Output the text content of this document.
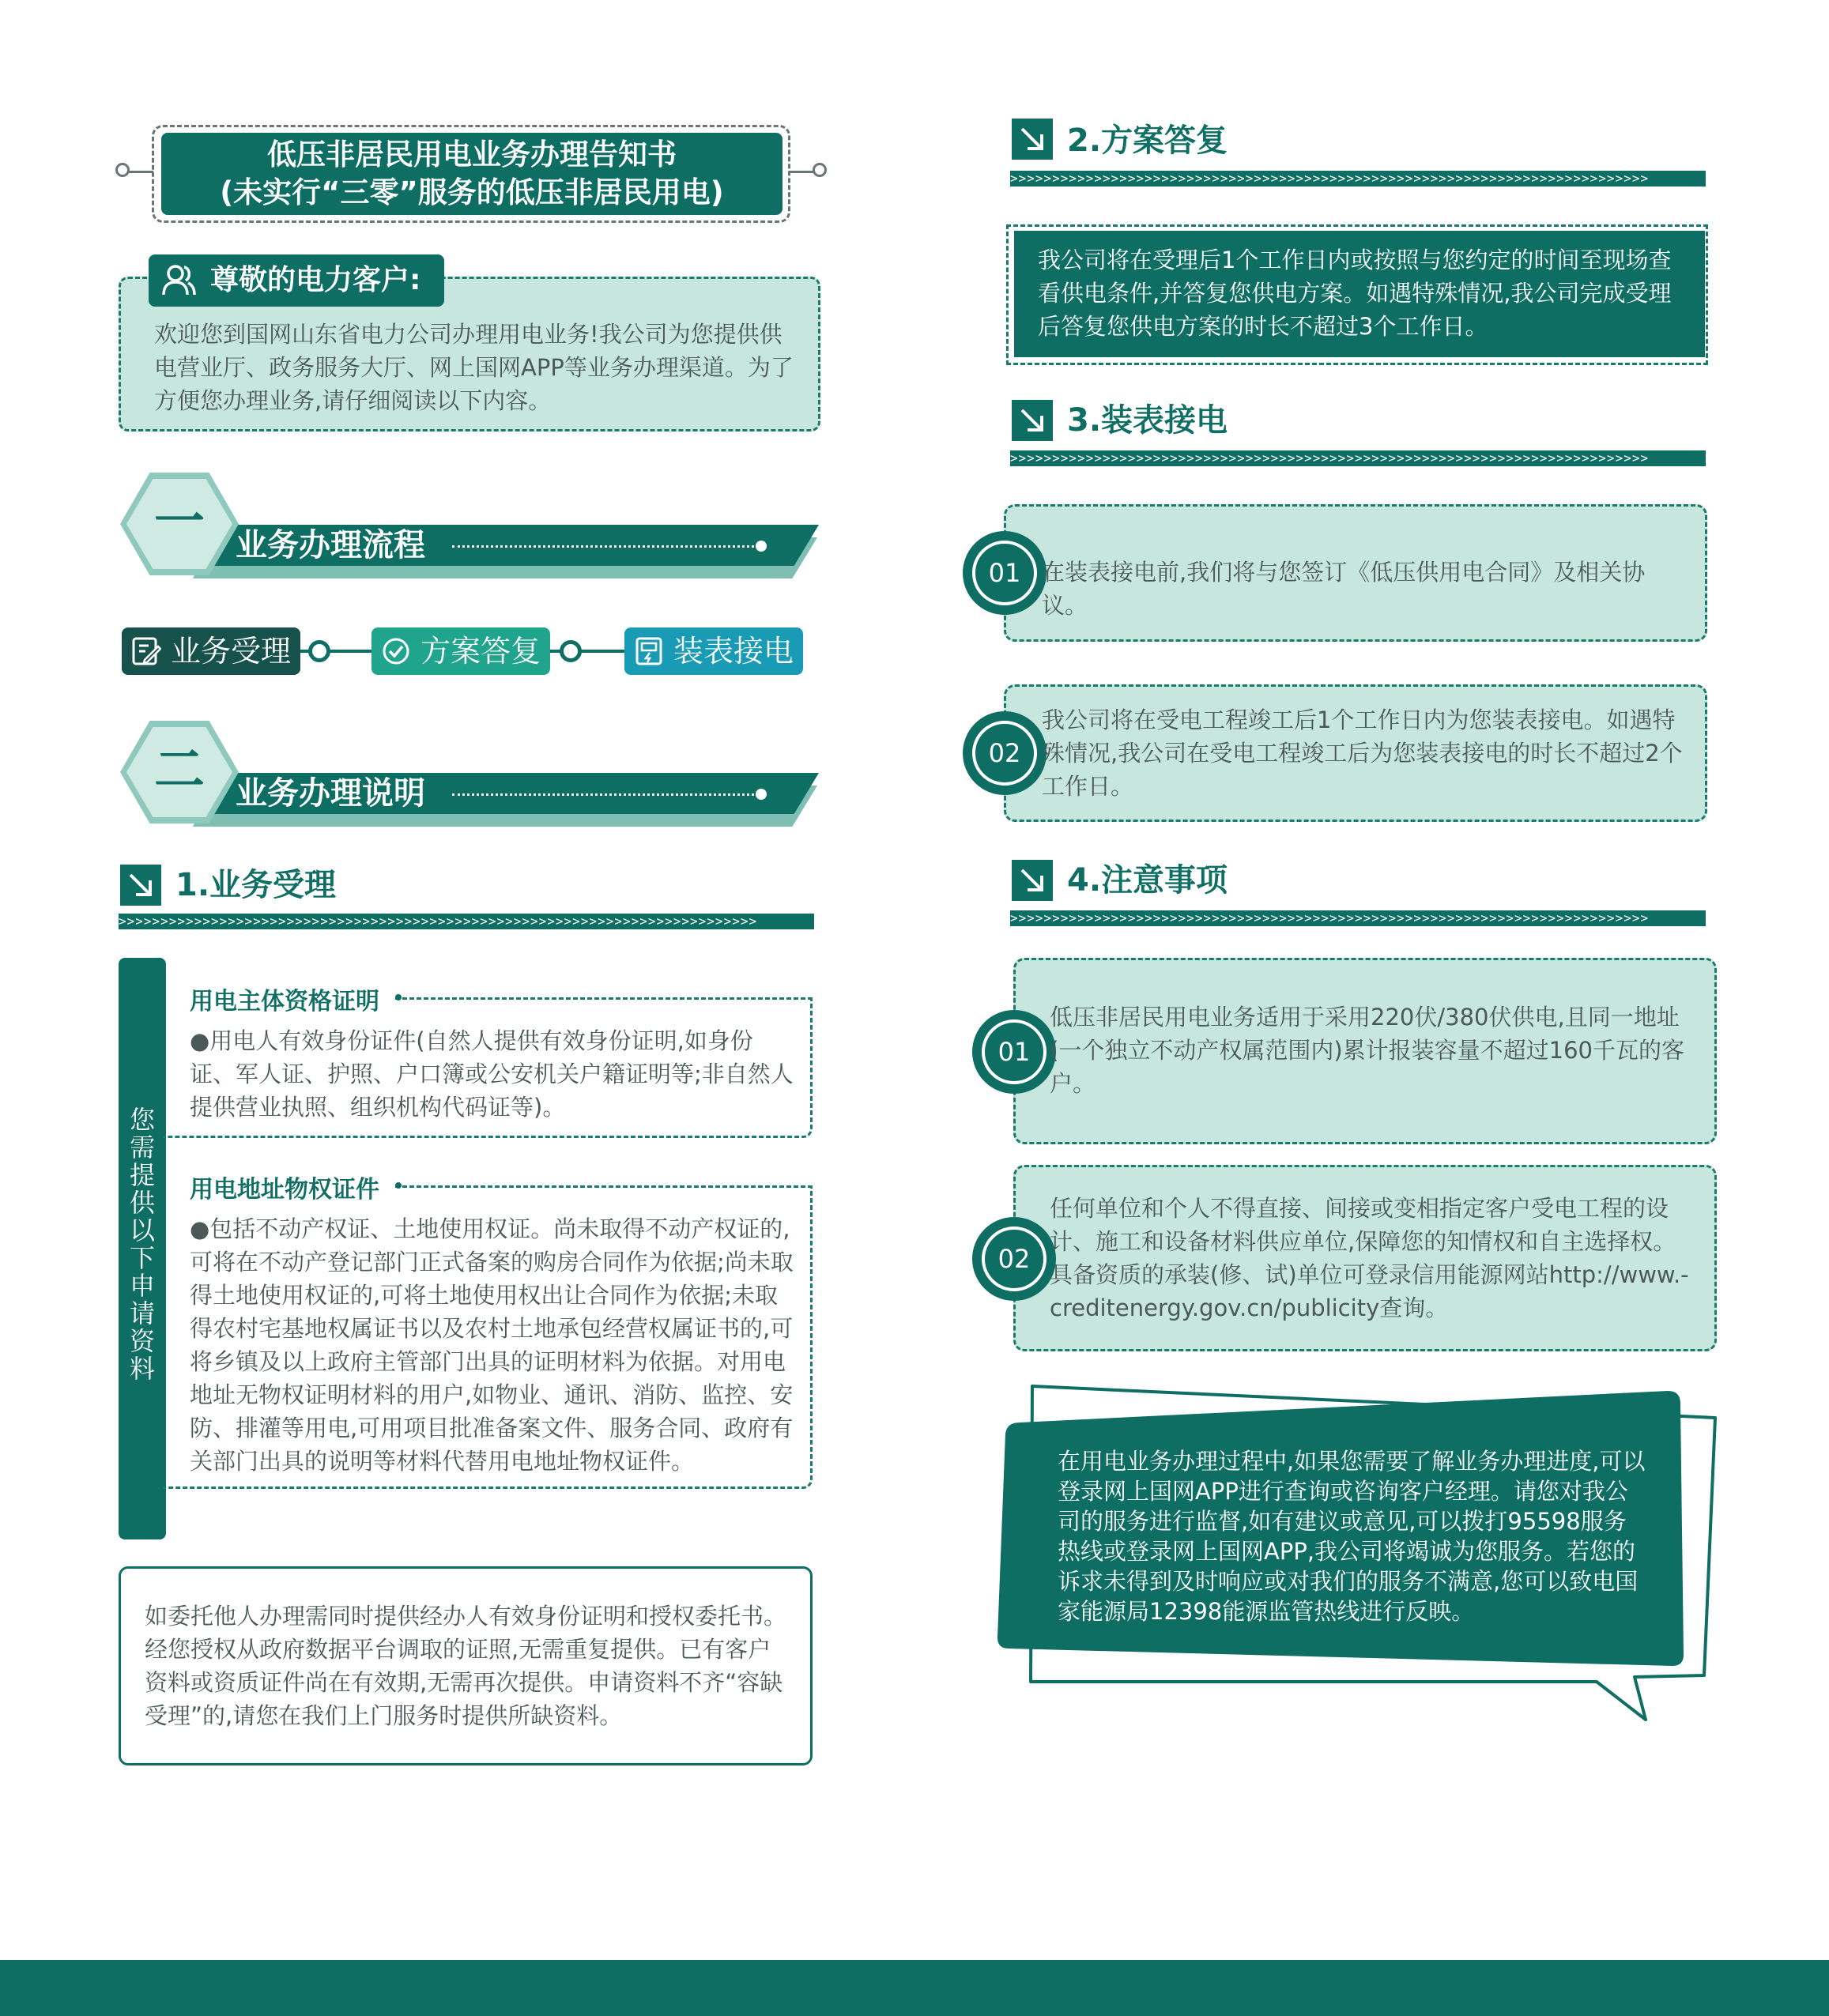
低压非居民用电业务办理告知书
(未实行“三零”服务的低压非居民用电)
尊敬的电力客户:
欢迎您到国网山东省电力公司办理用电业务!我公司为您提供供电营业厅、政务服务大厅、网上国网APP等业务办理渠道。为了方便您办理业务,请仔细阅读以下内容。
业务办理流程
一
业务受理	方案答复	装表接电
业务办理说明
二
1.业务受理
>>>>>>>>>>>>>>>>>>>>>>>>>>>>>>>>>>>>>>>>>>>>>>>>>>>>>>>>>>>>>>>>>>>>>>>>>>>>
您需提供以下申请资料
用电主体资格证明
●用电人有效身份证件(自然人提供有效身份证明,如身份证、军人证、护照、户口簿或公安机关户籍证明等;非自然人提供营业执照、组织机构代码证等)。
用电地址物权证件
●包括不动产权证、土地使用权证。尚未取得不动产权证的,可将在不动产登记部门正式备案的购房合同作为依据;尚未取得土地使用权证的,可将土地使用权出让合同作为依据;未取得农村宅基地权属证书以及农村土地承包经营权属证书的,可将乡镇及以上政府主管部门出具的证明材料为依据。对用电地址无物权证明材料的用户,如物业、通讯、消防、监控、安防、排灌等用电,可用项目批准备案文件、服务合同、政府有关部门出具的说明等材料代替用电地址物权证件。
如委托他人办理需同时提供经办人有效身份证明和授权委托书。经您授权从政府数据平台调取的证照,无需重复提供。已有客户资料或资质证件尚在有效期,无需再次提供。申请资料不齐“容缺受理”的,请您在我们上门服务时提供所缺资料。
2.方案答复
>>>>>>>>>>>>>>>>>>>>>>>>>>>>>>>>>>>>>>>>>>>>>>>>>>>>>>>>>>>>>>>>>>>>>>>>>>>>
我公司将在受理后1个工作日内或按照与您约定的时间至现场查看供电条件,并答复您供电方案。如遇特殊情况,我公司完成受理后答复您供电方案的时长不超过3个工作日。
3.装表接电
>>>>>>>>>>>>>>>>>>>>>>>>>>>>>>>>>>>>>>>>>>>>>>>>>>>>>>>>>>>>>>>>>>>>>>>>>>>>
01 在装表接电前,我们将与您签订《低压供用电合同》及相关协议。
02
我公司将在受电工程竣工后1个工作日内为您装表接电。如遇特殊情况,我公司在受电工程竣工后为您装表接电的时长不超过2个工作日。
4.注意事项
>>>>>>>>>>>>>>>>>>>>>>>>>>>>>>>>>>>>>>>>>>>>>>>>>>>>>>>>>>>>>>>>>>>>>>>>>>>>
01
低压非居民用电业务适用于采用220伏/380伏供电,且同一地址(一个独立不动产权属范围内)累计报装容量不超过160千瓦的客户。
02
任何单位和个人不得直接、间接或变相指定客户受电工程的设计、施工和设备材料供应单位,保障您的知情权和自主选择权。具备资质的承装(修、试)单位可登录信用能源网站http://www.-creditenergy.gov.cn/publicity查询。
在用电业务办理过程中,如果您需要了解业务办理进度,可以登录网上国网APP进行查询或咨询客户经理。请您对我公司的服务进行监督,如有建议或意见,可以拨打95598服务热线或登录网上国网APP,我公司将竭诚为您服务。若您的诉求未得到及时响应或对我们的服务不满意,您可以致电国家能源局12398能源监管热线进行反映。
